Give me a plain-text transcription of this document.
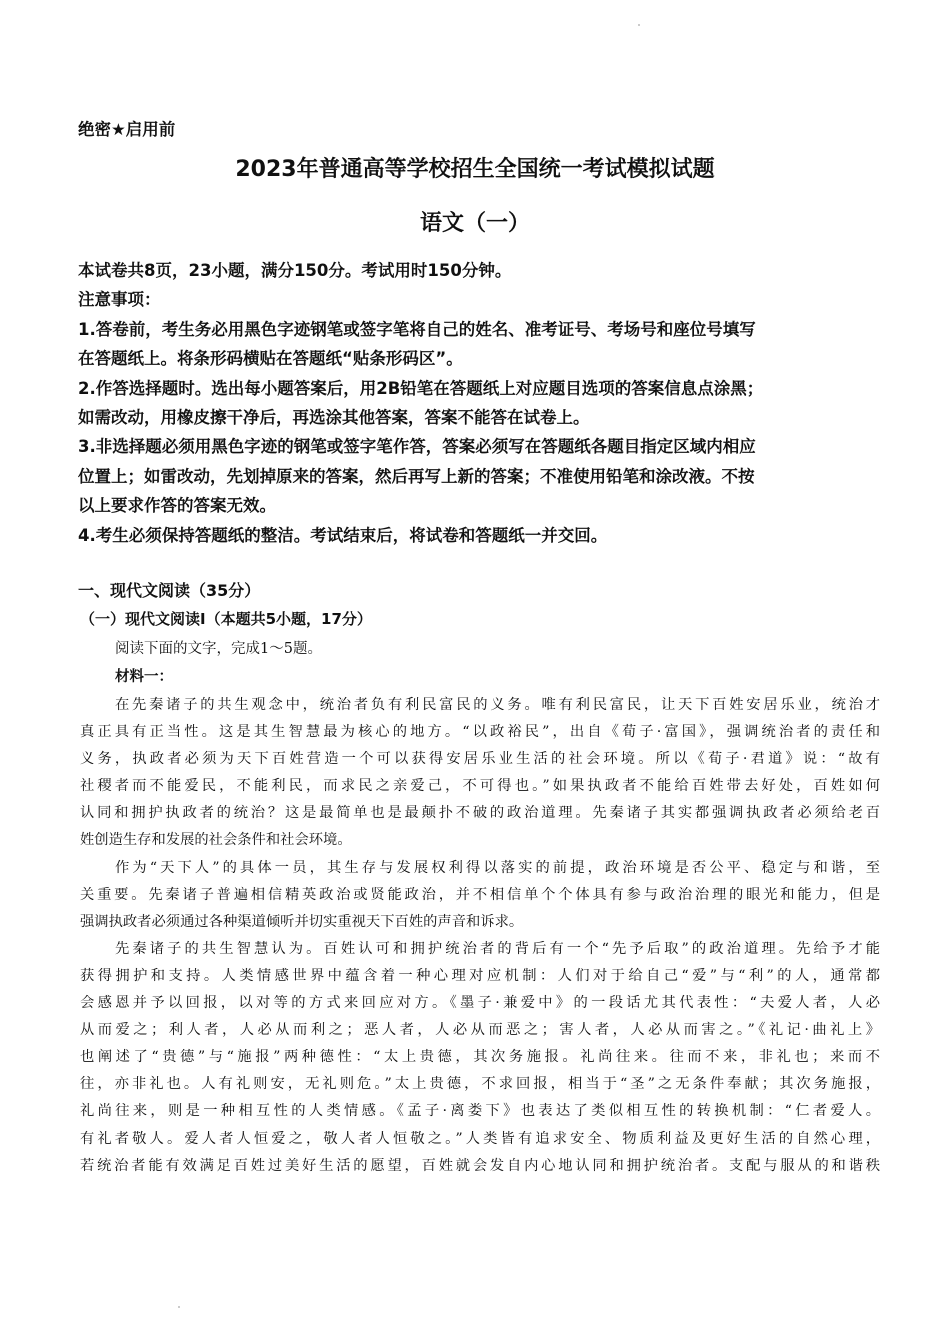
绝密★启用前
2023年普通高等学校招生全国统一考试模拟试题
语文（一）

本试卷共8页，23小题，满分150分。考试用时150分钟。

注意事项：

1.答卷前，考生务必用黑色字迹钢笔或签字笔将自己的姓名、准考证号、考场号和座位号填写

在答题纸上。将条形码横贴在答题纸“贴条形码区”。

2.作答选择题时。选出每小题答案后，用2B铅笔在答题纸上对应题目选项的答案信息点涂黑；

如需改动，用橡皮擦干净后，再选涂其他答案，答案不能答在试卷上。

3.非选择题必须用黑色字迹的钢笔或签字笔作答，答案必须写在答题纸各题目指定区域内相应

位置上；如雷改动，先划掉原来的答案，然后再写上新的答案；不准使用铅笔和涂改液。不按

以上要求作答的答案无效。

4.考生必须保持答题纸的整洁。考试结束后，将试卷和答题纸一并交回。

一、现代文阅读（35分）
（一）现代文阅读Ⅰ（本题共5小题，17分）
阅读下面的文字，完成1～5题。
材料一：
在先秦诸子的共生观念中，统治者负有利民富民的义务。唯有利民富民，让天下百姓安居乐业，统治才
真正具有正当性。这是其生智慧最为核心的地方。“以政裕民”，出自《荀子·富国》，强调统治者的责任和
义务，执政者必须为天下百姓营造一个可以获得安居乐业生活的社会环境。所以《荀子·君道》说：“故有
社稷者而不能爱民，不能利民，而求民之亲爱己，不可得也。”如果执政者不能给百姓带去好处，百姓如何
认同和拥护执政者的统治？这是最简单也是最颠扑不破的政治道理。先秦诸子其实都强调执政者必须给老百
姓创造生存和发展的社会条件和社会环境。
作为“天下人”的具体一员，其生存与发展权利得以落实的前提，政治环境是否公平、稳定与和谐，至
关重要。先秦诸子普遍相信精英政治或贤能政治，并不相信单个个体具有参与政治治理的眼光和能力，但是
强调执政者必须通过各种渠道倾听并切实重视天下百姓的声音和诉求。
先秦诸子的共生智慧认为。百姓认可和拥护统治者的背后有一个“先予后取”的政治道理。先给予才能
获得拥护和支持。人类情感世界中蕴含着一种心理对应机制：人们对于给自己“爱”与“利”的人，通常都
会感恩并予以回报，以对等的方式来回应对方。《墨子·兼爱中》的一段话尤其代表性：“夫爱人者，人必
从而爱之；利人者，人必从而利之；恶人者，人必从而恶之；害人者，人必从而害之。”《礼记·曲礼上》
也阐述了“贵德”与“施报”两种德性：“太上贵德，其次务施报。礼尚往来。往而不来，非礼也；来而不
往，亦非礼也。人有礼则安，无礼则危。”太上贵德，不求回报，相当于“圣”之无条件奉献；其次务施报，
礼尚往来，则是一种相互性的人类情感。《孟子·离娄下》也表达了类似相互性的转换机制：“仁者爱人。
有礼者敬人。爱人者人恒爱之，敬人者人恒敬之。”人类皆有追求安全、物质利益及更好生活的自然心理，
若统治者能有效满足百姓过美好生活的愿望，百姓就会发自内心地认同和拥护统治者。支配与服从的和谐秩
